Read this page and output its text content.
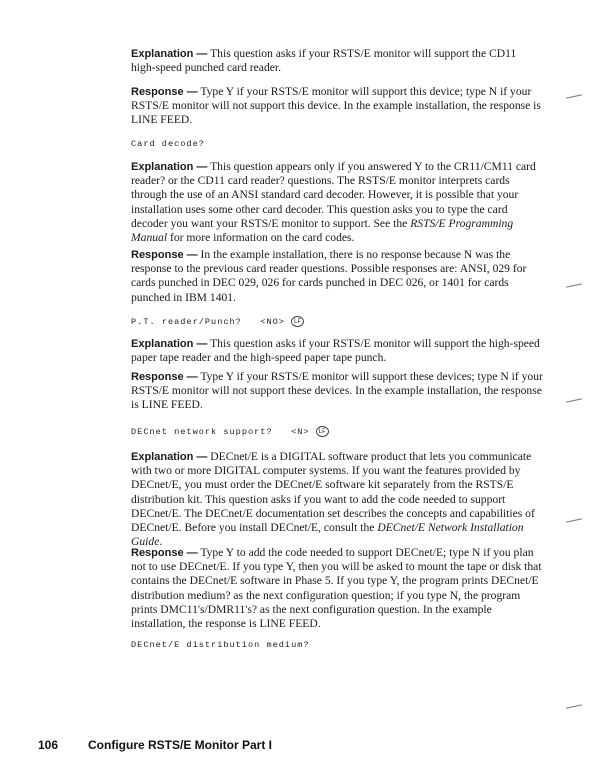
Explanation — This question asks if your RSTS/E monitor will support the CD11 high-speed punched card reader.

Response — Type Y if your RSTS/E monitor will support this device; type N if your RSTS/E monitor will not support this device. In the example installation, the response is LINE FEED.

Card decode?

Explanation — This question appears only if you answered Y to the CR11/CM11 card reader? or the CD11 card reader? questions. The RSTS/E monitor interprets cards through the use of an ANSI standard card decoder. However, it is possible that your installation uses some other card decoder. This question asks you to type the card decoder you want your RSTS/E monitor to support. See the RSTS/E Programming Manual for more information on the card codes.

Response — In the example installation, there is no response because N was the response to the previous card reader questions. Possible responses are: ANSI, 029 for cards punched in DEC 029, 026 for cards punched in DEC 026, or 1401 for cards punched in IBM 1401.

P.T. reader/Punch?   <NO> LF

Explanation — This question asks if your RSTS/E monitor will support the high-speed paper tape reader and the high-speed paper tape punch.

Response — Type Y if your RSTS/E monitor will support these devices; type N if your RSTS/E monitor will not support these devices. In the example installation, the response is LINE FEED.

DECnet network support?   <N> LF

Explanation — DECnet/E is a DIGITAL software product that lets you communicate with two or more DIGITAL computer systems. If you want the features provided by DECnet/E, you must order the DECnet/E software kit separately from the RSTS/E distribution kit. This question asks if you want to add the code needed to support DECnet/E. The DECnet/E documentation set describes the concepts and capabilities of DECnet/E. Before you install DECnet/E, consult the DECnet/E Network Installation Guide.

Response — Type Y to add the code needed to support DECnet/E; type N if you plan not to use DECnet/E. If you type Y, then you will be asked to mount the tape or disk that contains the DECnet/E software in Phase 5. If you type Y, the program prints DECnet/E distribution medium? as the next configuration question; if you type N, the program prints DMC11's/DMR11's? as the next configuration question. In the example installation, the response is LINE FEED.

DECnet/E distribution medium?
106 Configure RSTS/E Monitor Part I
